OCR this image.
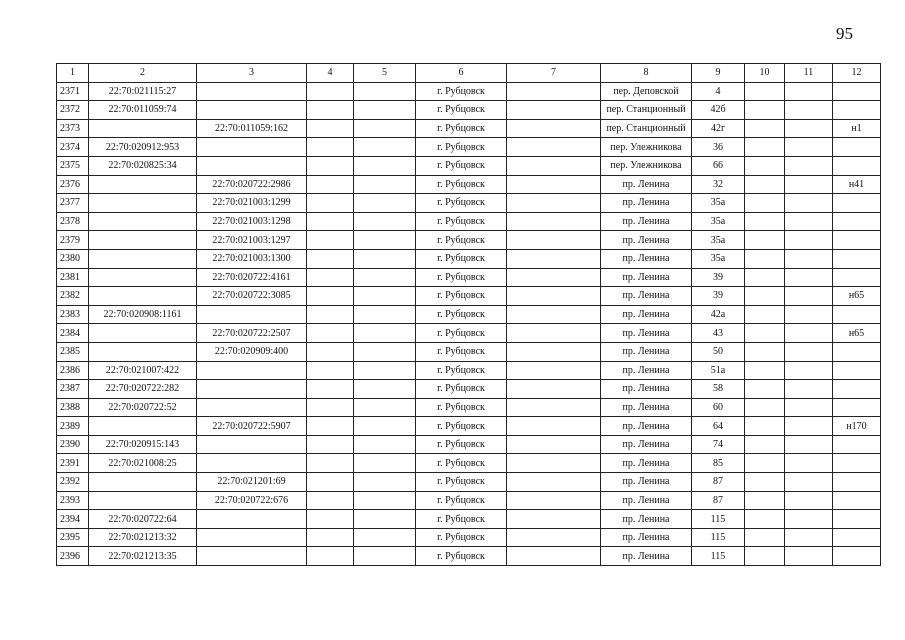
95
1	2	3	4	5	6	7	8	9	10	11	12
2371	22:70:021115:27				г. Рубцовск		пер. Деповской	4			
2372	22:70:011059:74				г. Рубцовск		пер. Станционный	42б			
2373		22:70:011059:162			г. Рубцовск		пер. Станционный	42г			н1
2374	22:70:020912:953				г. Рубцовск		пер. Улежникова	36			
2375	22:70:020825:34				г. Рубцовск		пер. Улежникова	66			
2376		22:70:020722:2986			г. Рубцовск		пр. Ленина	32			н41
2377		22:70:021003:1299			г. Рубцовск		пр. Ленина	35а			
2378		22:70:021003:1298			г. Рубцовск		пр. Ленина	35а			
2379		22:70:021003:1297			г. Рубцовск		пр. Ленина	35а			
2380		22:70:021003:1300			г. Рубцовск		пр. Ленина	35а			
2381		22:70:020722:4161			г. Рубцовск		пр. Ленина	39			
2382		22:70:020722:3085			г. Рубцовск		пр. Ленина	39			н65
2383	22:70:020908:1161				г. Рубцовск		пр. Ленина	42а			
2384		22:70:020722:2507			г. Рубцовск		пр. Ленина	43			н65
2385		22:70:020909:400			г. Рубцовск		пр. Ленина	50			
2386	22:70:021007:422				г. Рубцовск		пр. Ленина	51а			
2387	22:70:020722:282				г. Рубцовск		пр. Ленина	58			
2388	22:70:020722:52				г. Рубцовск		пр. Ленина	60			
2389		22:70:020722:5907			г. Рубцовск		пр. Ленина	64			н170
2390	22:70:020915:143				г. Рубцовск		пр. Ленина	74			
2391	22:70:021008:25				г. Рубцовск		пр. Ленина	85			
2392		22:70:021201:69			г. Рубцовск		пр. Ленина	87			
2393		22:70:020722:676			г. Рубцовск		пр. Ленина	87			
2394	22:70:020722:64				г. Рубцовск		пр. Ленина	115			
2395	22:70:021213:32				г. Рубцовск		пр. Ленина	115			
2396	22:70:021213:35				г. Рубцовск		пр. Ленина	115			
